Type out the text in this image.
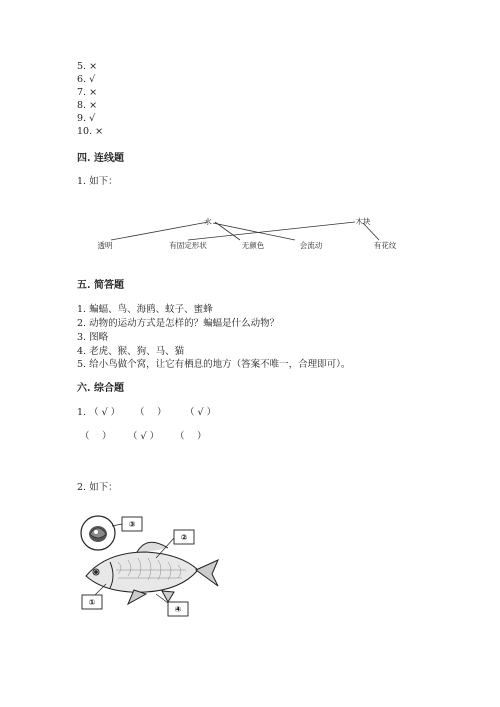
5. ×
6. √
7. ×
8. ×
9. √
10. ×
四. 连线题
1. 如下：
水	木块
透明	有固定形状	无颜色	会流动	有花纹
五. 简答题
1. 蝙蝠、鸟、海鸥、蚊子、蜜蜂
2. 动物的运动方式是怎样的？蝙蝠是什么动物？
3. 图略
4. 老虎、猴、狗、马、猫
5. 给小鸟做个窝，让它有栖息的地方（答案不唯一，合理即可）。
六. 综合题
1. （ √ ） （　 ） （ √ ）
（　 ） （ √ ） （　 ）
2. 如下：
③
②
①
④
